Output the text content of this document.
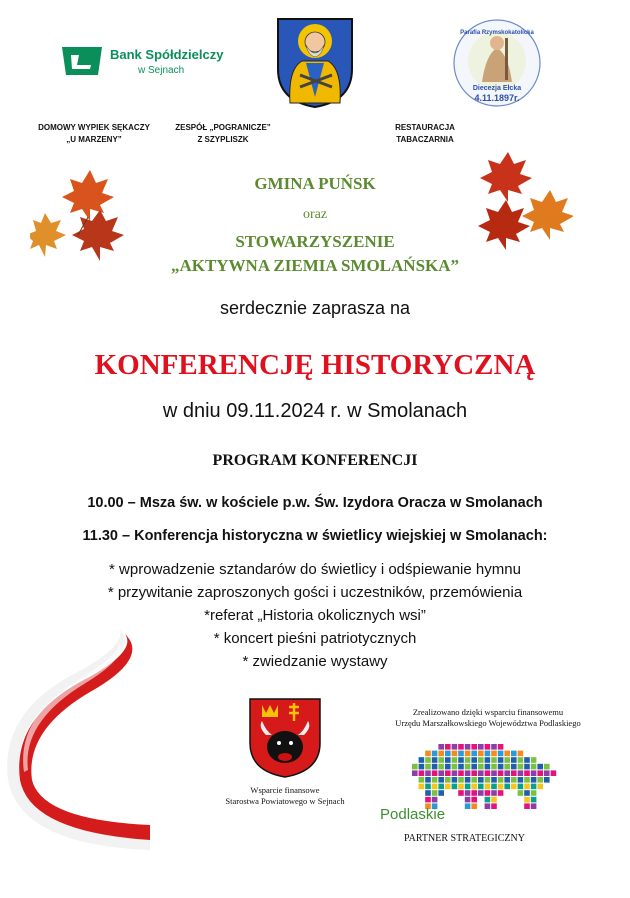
Bank Spółdzielczy
w Sejnach
Parafia Rzymskokatolicka
Diecezja Ełcka
4.11.1897r.
DOMOWY WYPIEK SĘKACZY
„U MARZENY”
ZESPÓŁ „POGRANICZE”
Z SZYPLISZK
RESTAURACJA
TABACZARNIA
GMINA PUŃSK
oraz
STOWARZYSZENIE
„AKTYWNA ZIEMIA SMOLAŃSKA”
serdecznie zaprasza na
KONFERENCJĘ HISTORYCZNĄ
w dniu 09.11.2024 r. w Smolanach
PROGRAM KONFERENCJI
10.00 – Msza św. w kościele p.w. Św. Izydora Oracza w Smolanach
11.30 – Konferencja historyczna w świetlicy wiejskiej w Smolanach:
* wprowadzenie sztandarów do świetlicy i odśpiewanie hymnu
* przywitanie zaproszonych gości i uczestników, przemówienia
*referat „Historia okolicznych wsi”
* koncert pieśni patriotycznych
* zwiedzanie wystawy
Wsparcie finansowe
Starostwa Powiatowego w Sejnach
Zrealizowano dzięki wsparciu finansowemu
Urzędu Marszałkowskiego Województwa Podlaskiego
Podlaskie
PARTNER STRATEGICZNY
